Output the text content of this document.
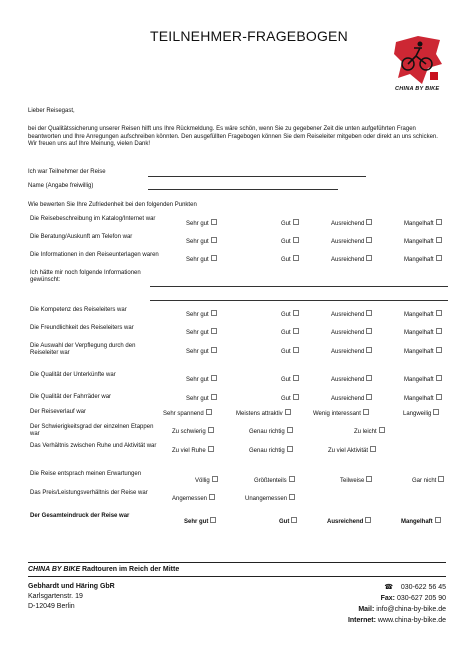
TEILNEHMER-FRAGEBOGEN
CHINA BY BIKE
Lieber Reisegast,
bei der Qualitätssicherung unserer Reisen hilft uns Ihre Rückmeldung. Es wäre schön, wenn Sie zu gegebener Zeit die unten aufgeführten Fragen beantworten und Ihre Anregungen aufschreiben könnten. Den ausgefüllten Fragebogen können Sie dem Reiseleiter mitgeben oder direkt an uns schicken. Wir freuen uns auf Ihre Meinung, vielen Dank!
Ich war Teilnehmer der Reise
Name (Angabe freiwillig)
Wie bewerten Sie Ihre Zufriedenheit bei den folgenden Punkten
Die Reisebeschreibung im Katalog/Internet war
Sehr gut	Gut	Ausreichend	Mangelhaft
Die Beratung/Auskunft am Telefon war
Sehr gut	Gut	Ausreichend	Mangelhaft
Die Informationen in den Reiseunterlagen waren
Sehr gut	Gut	Ausreichend	Mangelhaft
Ich hätte mir noch folgende Informationen gewünscht:
Die Kompetenz des Reiseleiters war
Sehr gut	Gut	Ausreichend	Mangelhaft
Die Freundlichkeit des Reiseleiters war
Sehr gut	Gut	Ausreichend	Mangelhaft
Die Auswahl der Verpflegung durch den Reiseleiter war	Sehr gut	Gut	Ausreichend	Mangelhaft
Die Qualität der Unterkünfte war
Sehr gut	Gut	Ausreichend	Mangelhaft
Die Qualität der Fahrräder war	Sehr gut	Gut	Ausreichend	Mangelhaft
Der Reiseverlauf war	Sehr spannend	Meistens attraktiv	Wenig interessant	Langweilig
Der Schwierigkeitsgrad der einzelnen Etappen war	Zu schwierig	Genau richtig	Zu leicht
Das Verhältnis zwischen Ruhe und Aktivität war
Zu viel Ruhe	Genau richtig	Zu viel Aktivität
Die Reise entsprach meinen Erwartungen
Völlig	Größtenteils	Teilweise	Gar nicht
Das Preis/Leistungsverhältnis der Reise war
Angemessen	Unangemessen
Der Gesamteindruck der Reise war
Sehr gut	Gut	Ausreichend	Mangelhaft
CHINA BY BIKE Radtouren im Reich der Mitte
Gebhardt und Häring GbR
Karlsgartenstr. 19
D-12049 Berlin
☎ 030-622 56 45
Fax: 030-627 205 90
Mail: info@china-by-bike.de
Internet: www.china-by-bike.de
